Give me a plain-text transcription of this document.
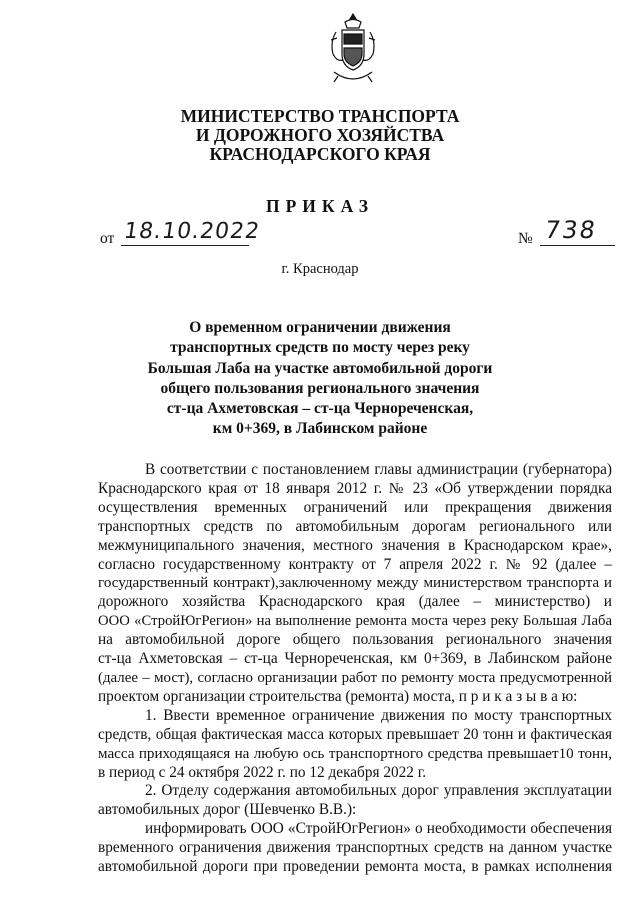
МИНИСТЕРСТВО ТРАНСПОРТА
И ДОРОЖНОГО ХОЗЯЙСТВА
КРАСНОДАРСКОГО КРАЯ
ПРИКАЗ
от 18.10.2022	№ 738
г. Краснодар
О временном ограничении движения
транспортных средств по мосту через реку
Большая Лаба на участке автомобильной дороги
общего пользования регионального значения
ст-ца Ахметовская – ст-ца Чернореченская,
км 0+369, в Лабинском районе
В соответствии с постановлением главы администрации (губернатора)
Краснодарского края от 18 января 2012 г. № 23 «Об утверждении порядка
осуществления временных ограничений или прекращения движения
транспортных средств по автомобильным дорогам регионального или
межмуниципального значения, местного значения в Краснодарском крае»,
согласно государственному контракту от 7 апреля 2022 г. № 92 (далее –
государственный контракт),заключенному между министерством транспорта и
дорожного хозяйства Краснодарского края (далее – министерство) и
ООО «СтройЮгРегион» на выполнение ремонта моста через реку Большая Лаба
на автомобильной дороге общего пользования регионального значения
ст-ца Ахметовская – ст-ца Чернореченская, км 0+369, в Лабинском районе
(далее – мост), согласно организации работ по ремонту моста предусмотренной
проектом организации строительства (ремонта) моста, п р и к а з ы в а ю:
1. Ввести временное ограничение движения по мосту транспортных
средств, общая фактическая масса которых превышает 20 тонн и фактическая
масса приходящаяся на любую ось транспортного средства превышает10 тонн,
в период с 24 октября 2022 г. по 12 декабря 2022 г.
2. Отделу содержания автомобильных дорог управления эксплуатации
автомобильных дорог (Шевченко В.В.):
информировать ООО «СтройЮгРегион» о необходимости обеспечения
временного ограничения движения транспортных средств на данном участке
автомобильной дороги при проведении ремонта моста, в рамках исполнения
